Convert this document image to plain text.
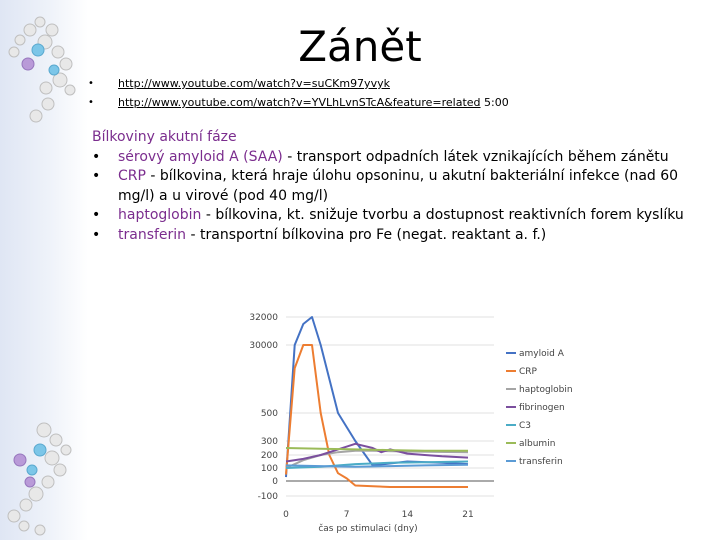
Zánět
• http://www.youtube.com/watch?v=suCKm97yvyk
• http://www.youtube.com/watch?v=YVLhLvnSTcA&feature=related 5:00
Bílkoviny akutní fáze
• sérový amyloid A (SAA) - transport odpadních látek vznikajících během zánětu
• CRP - bílkovina, která hraje úlohu opsoninu, u akutní bakteriální infekce (nad 60 mg/l) a u virové (pod 40 mg/l)
• haptoglobin - bílkovina, kt. snižuje tvorbu a dostupnost reaktivních forem kyslíku
• transferin - transportní bílkovina pro Fe (negat. reaktant a. f.)
32000
30000
500
300
200
100
0
-100
0	7	14	21
amyloid A
CRP
haptoglobin
fibrinogen
C3
albumin
transferin
čas po stimulaci (dny)
